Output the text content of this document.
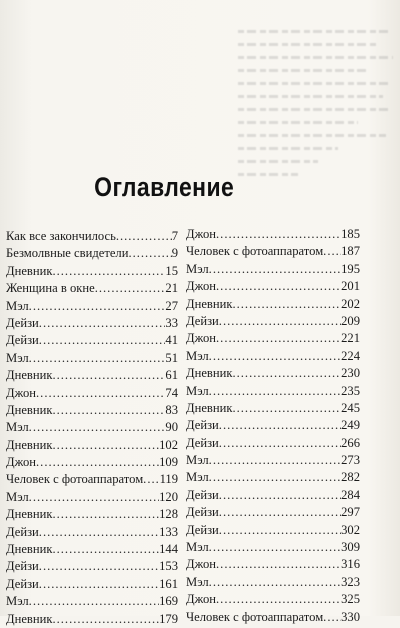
Оглавление
Как все закончилось .....	7
Безмолвные свидетели .....	9
Дневник .....	15
Женщина в окне .....	21
Мэл .....	27
Дейзи .....	33
Дейзи .....	41
Мэл .....	51
Дневник .....	61
Джон .....	74
Дневник .....	83
Мэл .....	90
Дневник .....	102
Джон .....	109
Человек с фотоаппаратом ..... 119
Мэл .....	120
Дневник .....	128
Дейзи .....	133
Дневник .....	144
Дейзи .....	153
Дейзи .....	161
Мэл .....	169
Дневник .....	179
Джон .....	185
Человек с фотоаппаратом ..... 187
Мэл .....	195
Джон .....	201
Дневник .....	202
Дейзи .....	209
Джон .....	221
Мэл .....	224
Дневник .....	230
Мэл .....	235
Дневник .....	245
Дейзи .....	249
Дейзи .....	266
Мэл .....	273
Мэл .....	282
Дейзи .....	284
Дейзи .....	297
Дейзи .....	302
Мэл .....	309
Джон .....	316
Мэл .....	323
Джон .....	325
Человек с фотоаппаратом ..... 330
